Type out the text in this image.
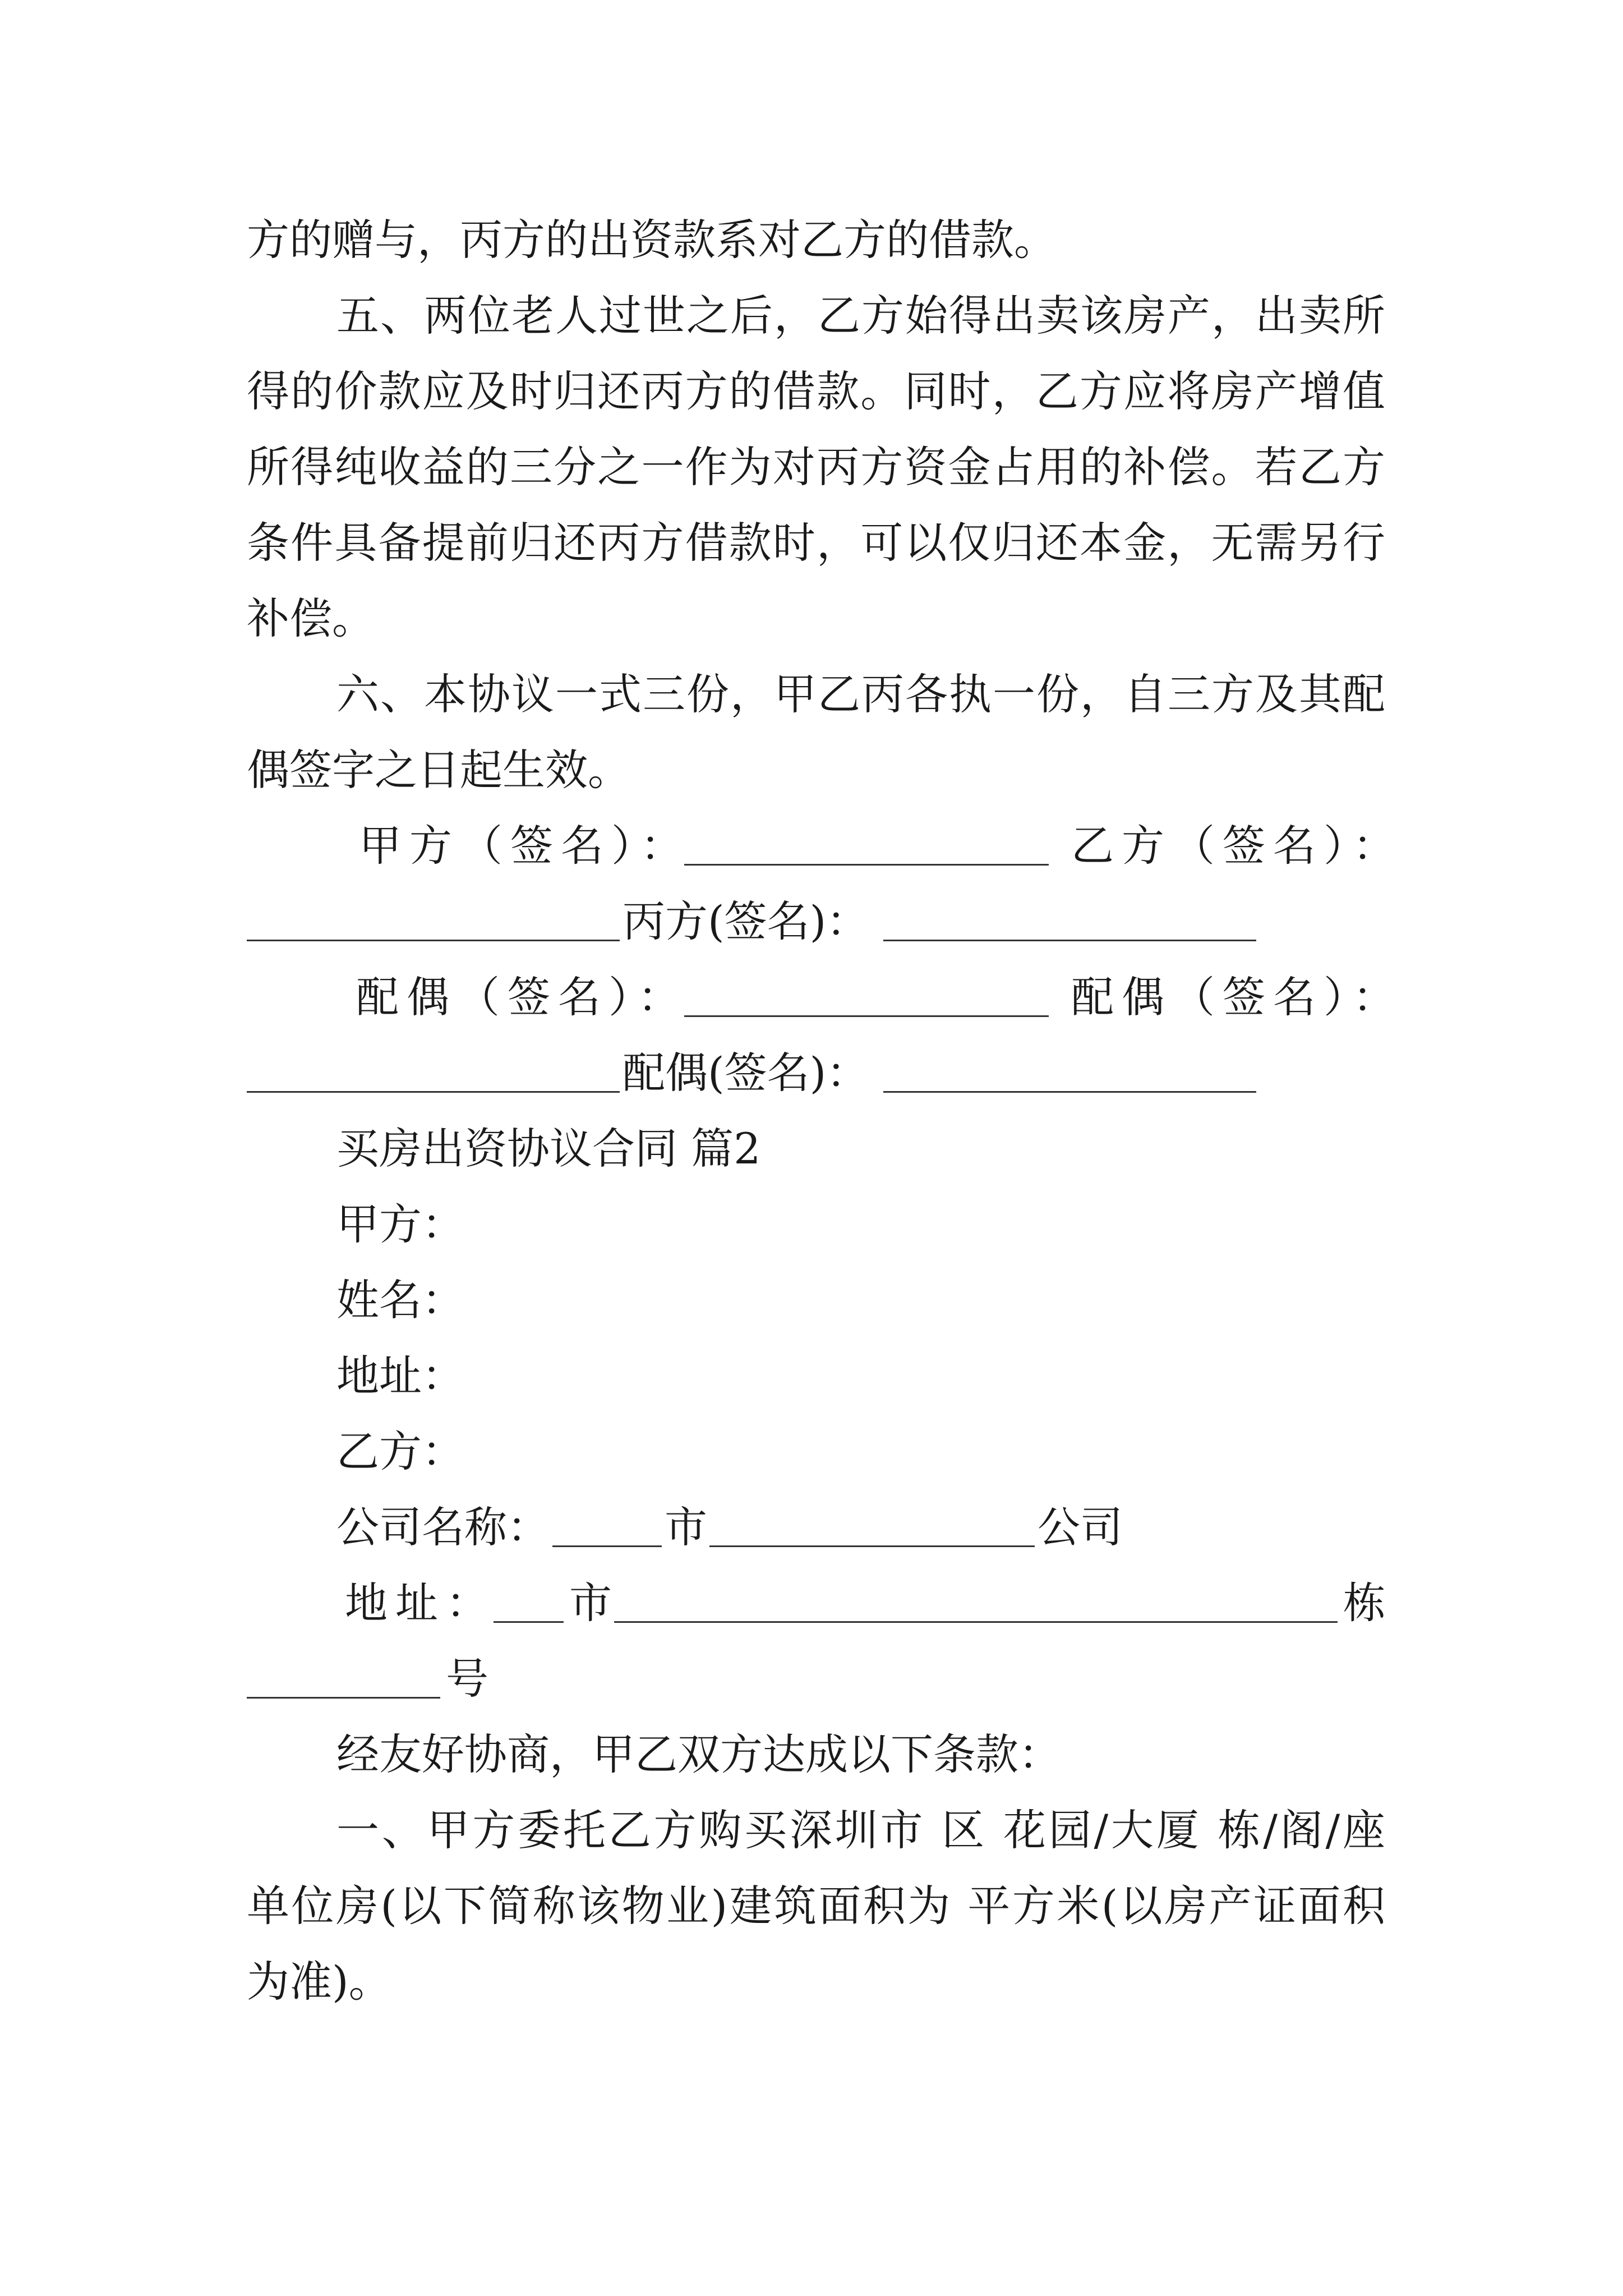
方的赠与，丙方的出资款系对乙方的借款。
五、两位老人过世之后，乙方始得出卖该房产，出卖所
得的价款应及时归还丙方的借款。同时，乙方应将房产增值
所得纯收益的三分之一作为对丙方资金占用的补偿。若乙方
条件具备提前归还丙方借款时，可以仅归还本金，无需另行
补偿。
六、本协议一式三份，甲乙丙各执一份，自三方及其配
偶签字之日起生效。
甲方（签名）：	乙方（签名）：
丙方(签名)：
配偶（签名）：	配偶（签名）：
配偶(签名)：
买房出资协议合同 篇2
甲方：
姓名：
地址：
乙方：
公司名称：	市	公司
地址： 市	栋
号
经友好协商，甲乙双方达成以下条款：
一、甲方委托乙方购买深圳市 区 花园/大厦 栋/阁/座
单位房(以下简称该物业)建筑面积为 平方米(以房产证面积
为准)。
